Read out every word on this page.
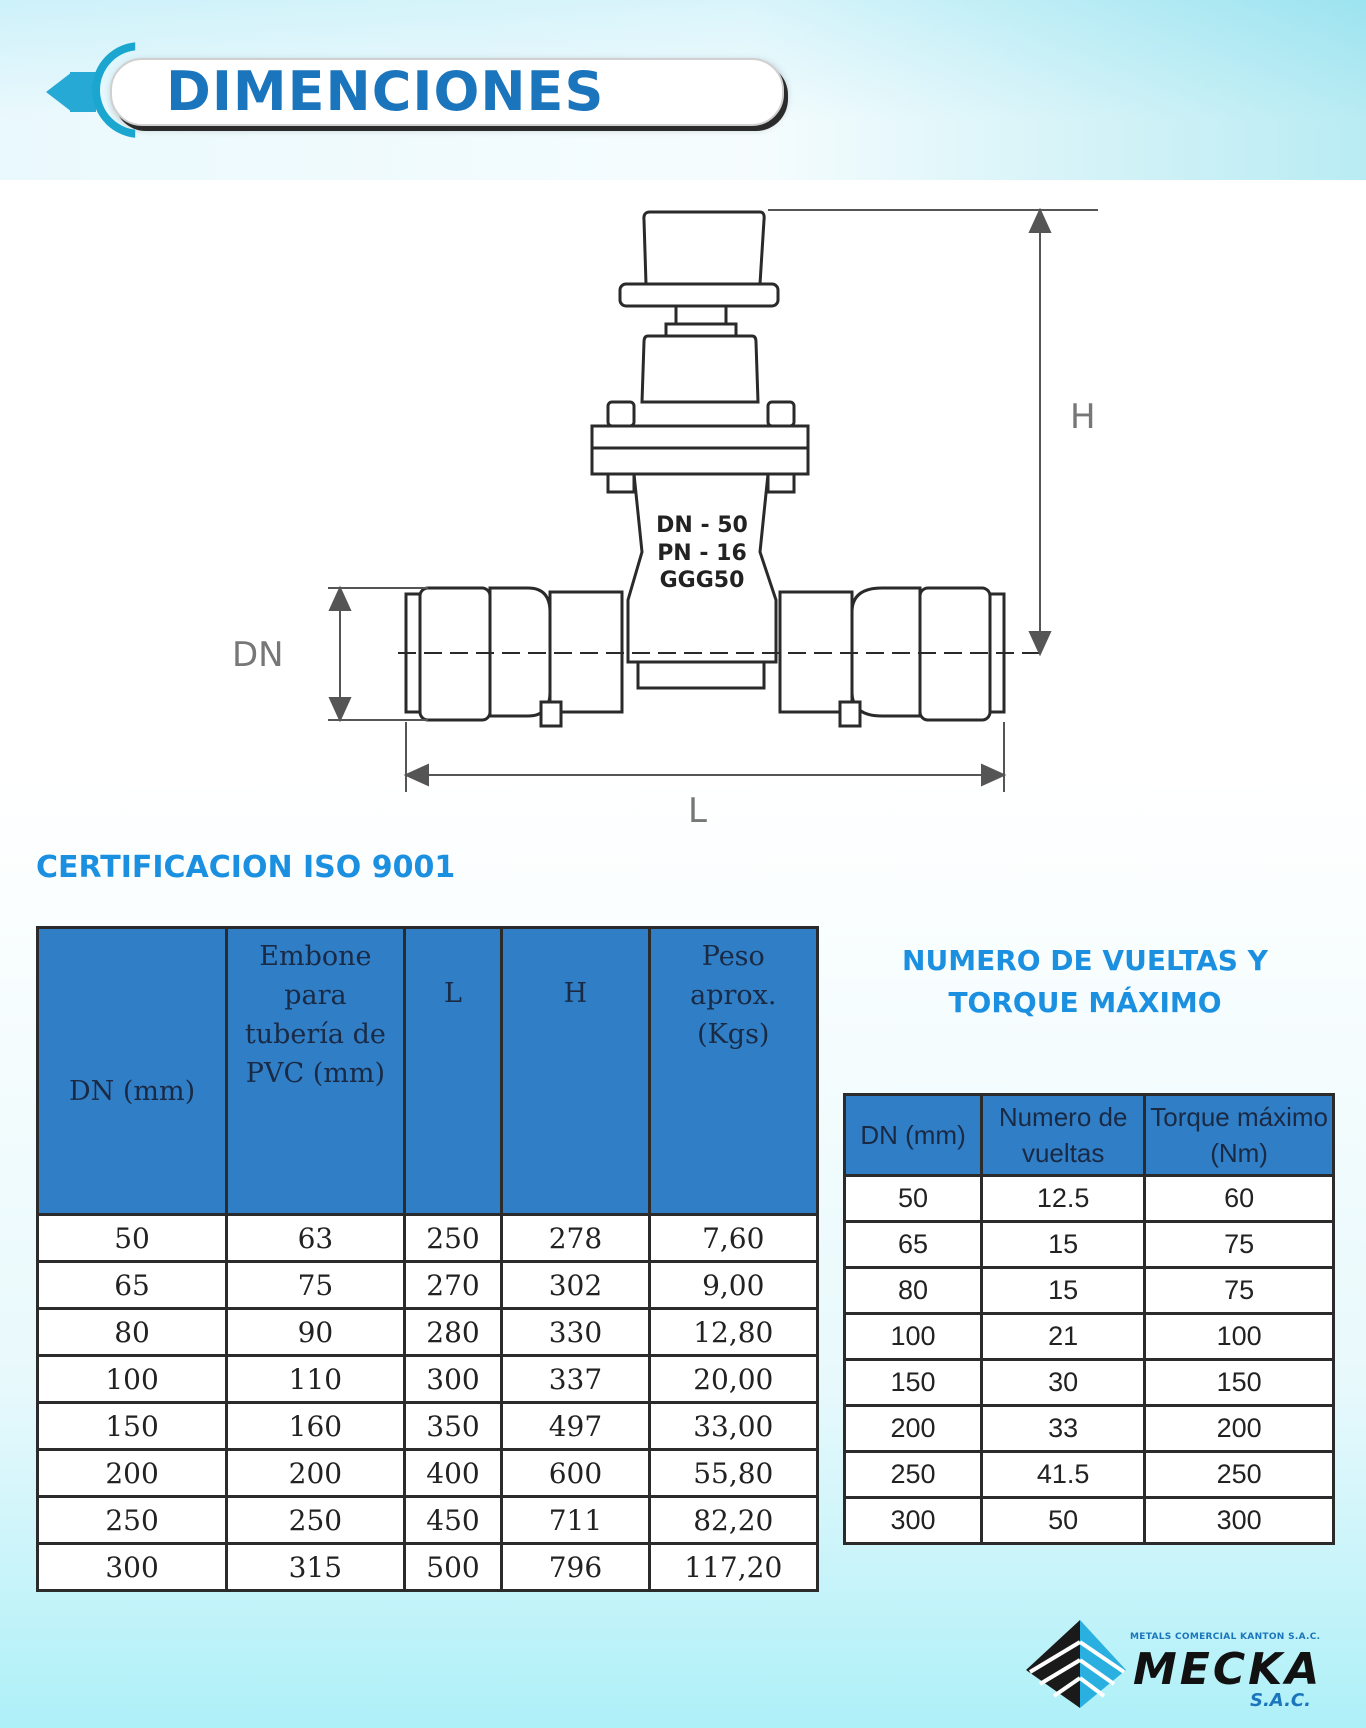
DIMENCIONES
DN - 50
PN - 16
GGG50
H
DN
L
CERTIFICACION ISO 9001
DN (mm)	Embone para tubería de PVC (mm)	L	H	Peso aprox. (Kgs)
50	63	250	278	7,60
65	75	270	302	9,00
80	90	280	330	12,80
100	110	300	337	20,00
150	160	350	497	33,00
200	200	400	600	55,80
250	250	450	711	82,20
300	315	500	796	117,20
NUMERO DE VUELTAS Y
TORQUE MÁXIMO
DN (mm)	Numero de vueltas	Torque máximo (Nm)
50	12.5	60
65	15	75
80	15	75
100	21	100
150	30	150
200	33	200
250	41.5	250
300	50	300
METALS COMERCIAL KANTON S.A.C.
MECKA
S.A.C.
